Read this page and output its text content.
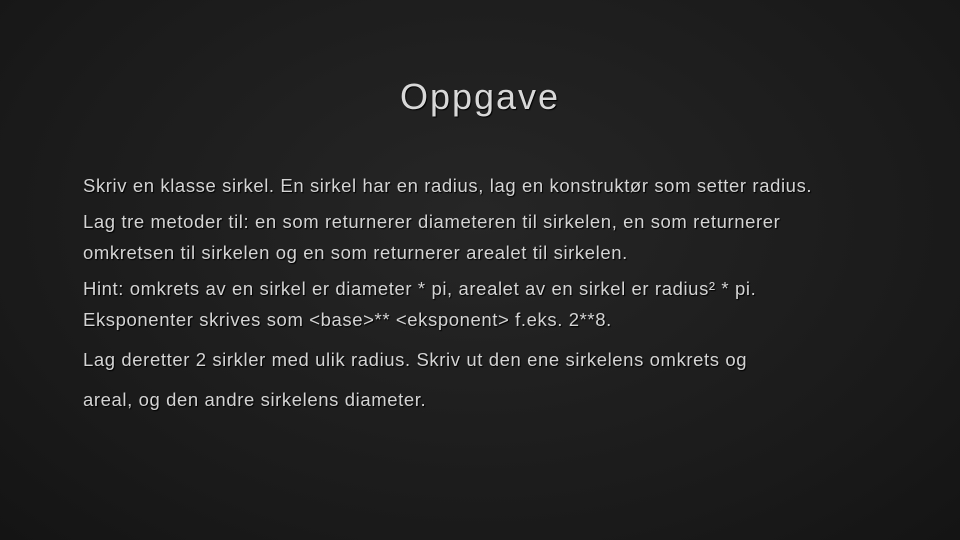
Oppgave

Skriv en klasse sirkel. En sirkel har en radius, lag en konstruktør som setter radius.

Lag tre metoder til: en som returnerer diameteren til sirkelen, en som returnerer
omkretsen til sirkelen og en som returnerer arealet til sirkelen.

Hint: omkrets av en sirkel er diameter * pi, arealet av en sirkel er radius² * pi.
Eksponenter skrives som <base>** <eksponent> f.eks. 2**8.

Lag deretter 2 sirkler med ulik radius. Skriv ut den ene sirkelens omkrets og
areal, og den andre sirkelens diameter.
